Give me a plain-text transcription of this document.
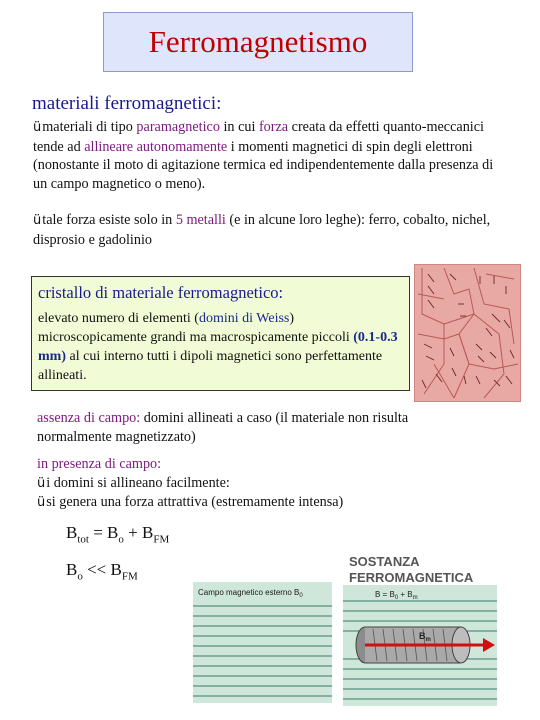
Ferromagnetismo
materiali ferromagnetici:
ümateriali di tipo paramagnetico in cui forza creata da effetti quanto-meccanici tende ad allineare autonomamente i momenti magnetici di spin degli elettroni (nonostante il moto di agitazione termica ed indipendentemente dalla presenza di un campo magnetico o meno).
ütale forza esiste solo in 5 metalli (e in alcune loro leghe): ferro, cobalto, nichel, disprosio e gadolinio
cristallo di materiale ferromagnetico:
elevato numero di elementi (domini di Weiss) microscopicamente grandi ma macrospicamente piccoli (0.1-0.3 mm) al cui interno tutti i dipoli magnetici sono perfettamente allineati.
assenza di campo: domini allineati a caso (il materiale non risulta normalmente magnetizzato)
in presenza di campo:
üi domini si allineano facilmente:
üsi genera una forza attrattiva (estremamente intensa)
$B_{tot} = B_o + B_{FM}$
$B_o << B_{FM}$
Campo magnetico esterno $B_0$
SOSTANZA
FERROMAGNETICA
$B = B_0 + B_m$
$B_m$
